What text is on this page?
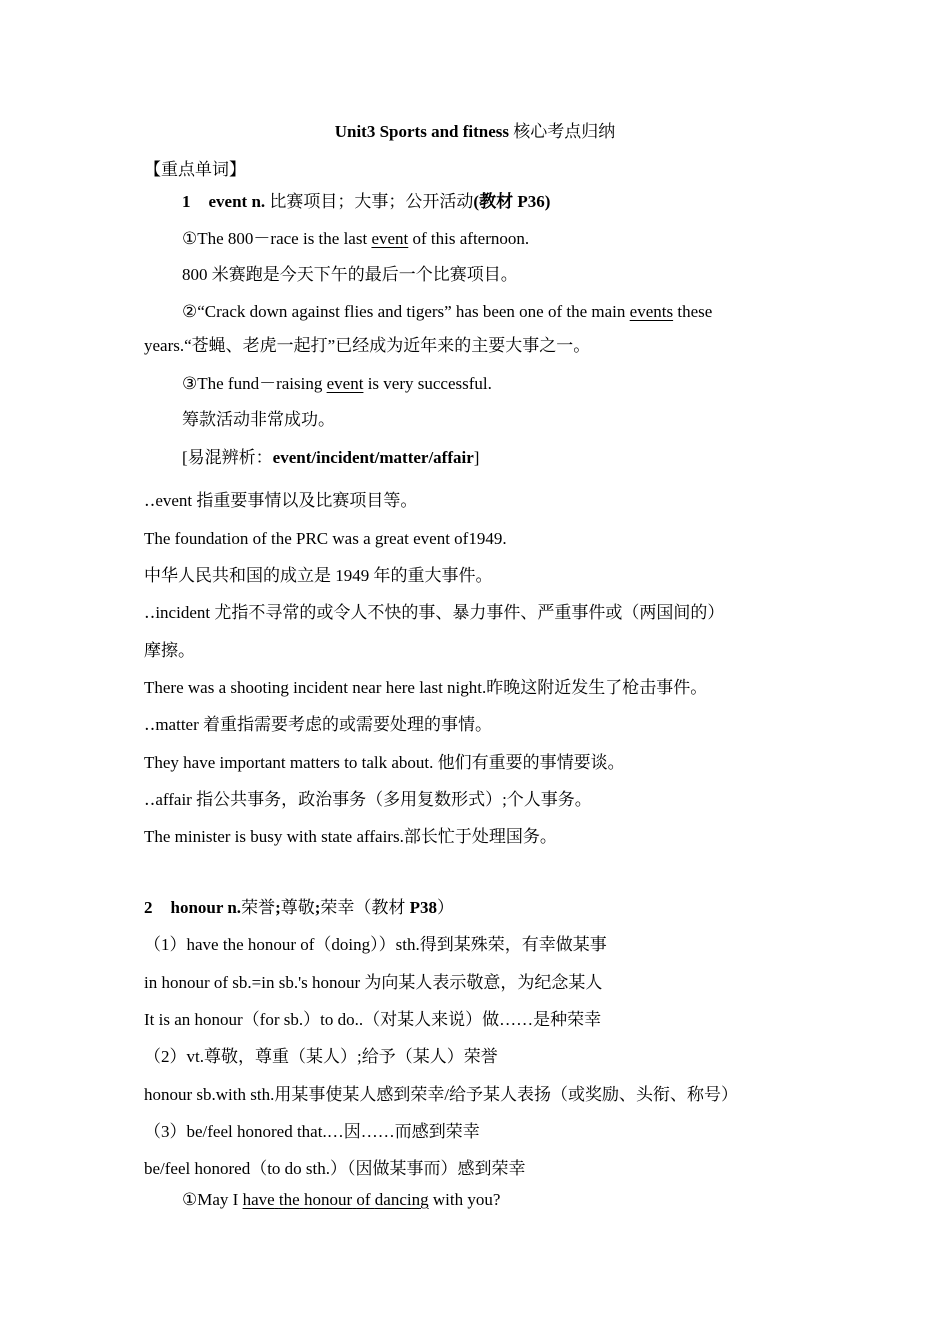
Unit3 Sports and fitness 核心考点归纳
【重点单词】
1 event n. 比赛项目；大事；公开活动(教材 P36)
①The 800－race is the last event of this afternoon.
800 米赛跑是今天下午的最后一个比赛项目。
②“Crack down against flies and tigers” has been one of the main events these
years.“苍蝇、老虎一起打”已经成为近年来的主要大事之一。
③The fund－raising event is very successful.
筹款活动非常成功。
[易混辨析：event/incident/matter/affair]
‥event 指重要事情以及比赛项目等。
The foundation of the PRC was a great event of1949.
中华人民共和国的成立是 1949 年的重大事件。
‥incident 尤指不寻常的或令人不快的事、暴力事件、严重事件或（两国间的）
摩擦。
There was a shooting incident near here last night.昨晚这附近发生了枪击事件。
‥matter 着重指需要考虑的或需要处理的事情。
They have important matters to talk about. 他们有重要的事情要谈。
‥affair 指公共事务，政治事务（多用复数形式）;个人事务。
The minister is busy with state affairs.部长忙于处理国务。
2 honour n.荣誉;尊敬;荣幸（教材 P38）
（1）have the honour of（doing））sth.得到某殊荣，有幸做某事
in honour of sb.=in sb.'s honour 为向某人表示敬意，为纪念某人
It is an honour（for sb.）to do..（对某人来说）做……是种荣幸
（2）vt.尊敬，尊重（某人）;给予（某人）荣誉
honour sb.with sth.用某事使某人感到荣幸/给予某人表扬（或奖励、头衔、称号）
（3）be/feel honored that.…因……而感到荣幸
be/feel honored（to do sth.）（因做某事而）感到荣幸
①May I have the honour of dancing with you?
